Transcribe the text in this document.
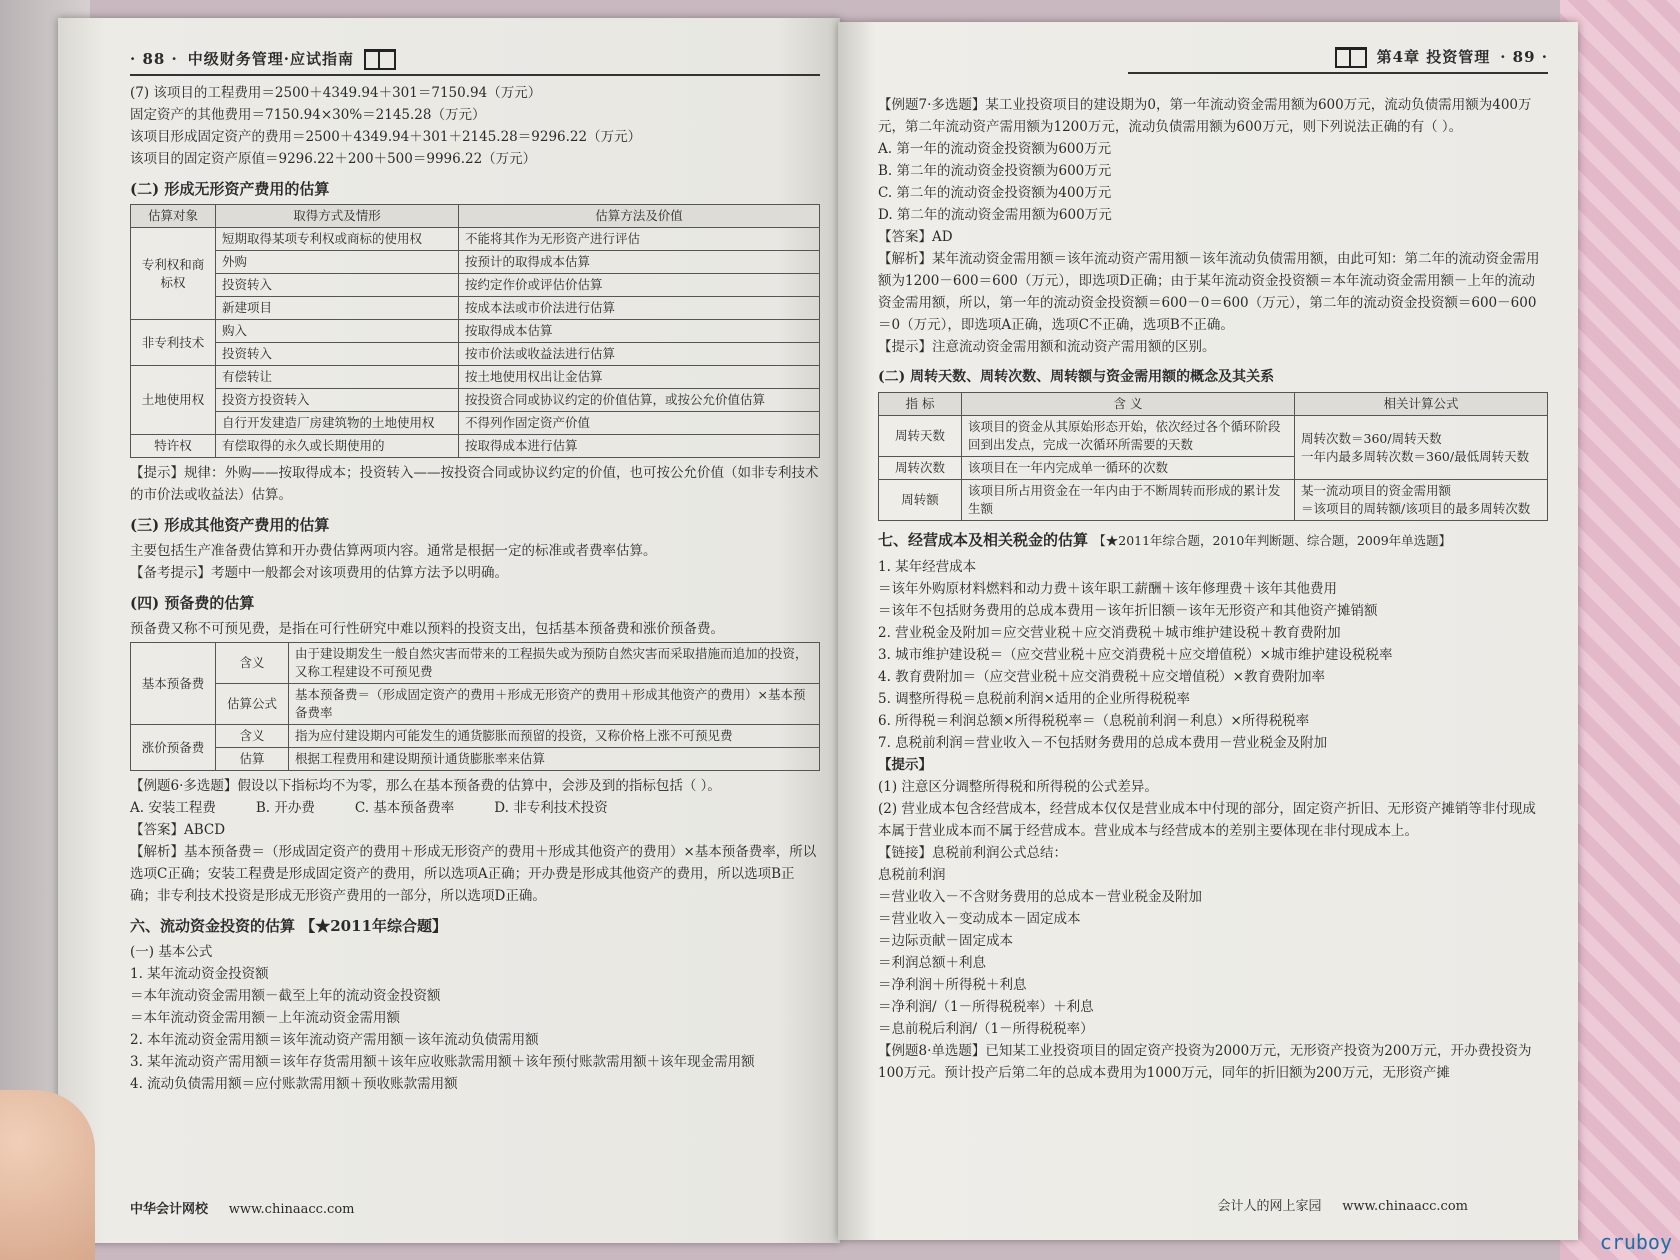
· 88 · 中级财务管理·应试指南

(7) 该项目的工程费用＝2500＋4349.94＋301＝7150.94（万元）

固定资产的其他费用＝7150.94×30%＝2145.28（万元）

该项目形成固定资产的费用＝2500＋4349.94＋301＋2145.28＝9296.22（万元）

该项目的固定资产原值＝9296.22＋200＋500＝9996.22（万元）

(二) 形成无形资产费用的估算
估算对象	取得方式及情形	估算方法及价值
专利权和商标权	短期取得某项专利权或商标的使用权	不能将其作为无形资产进行评估
	外购	按预计的取得成本估算
	投资转入	按约定作价或评估价估算
	新建项目	按成本法或市价法进行估算
非专利技术	购入	按取得成本估算
	投资转入	按市价法或收益法进行估算
土地使用权	有偿转让	按土地使用权出让金估算
	投资方投资转入	按投资合同或协议约定的价值估算，或按公允价值估算
	自行开发建造厂房建筑物的土地使用权	不得列作固定资产价值
特许权	有偿取得的永久或长期使用的	按取得成本进行估算

【提示】规律：外购——按取得成本；投资转入——按投资合同或协议约定的价值，也可按公允价值（如非专利技术的市价法或收益法）估算。

(三) 形成其他资产费用的估算

主要包括生产准备费估算和开办费估算两项内容。通常是根据一定的标准或者费率估算。

【备考提示】考题中一般都会对该项费用的估算方法予以明确。

(四) 预备费的估算

预备费又称不可预见费，是指在可行性研究中难以预料的投资支出，包括基本预备费和涨价预备费。

基本预备费	含义	由于建设期发生一般自然灾害而带来的工程损失或为预防自然灾害而采取措施而追加的投资，又称工程建设不可预见费
	估算公式	基本预备费＝（形成固定资产的费用＋形成无形资产的费用＋形成其他资产的费用）×基本预备费率
涨价预备费	含义	指为应付建设期内可能发生的通货膨胀而预留的投资，又称价格上涨不可预见费
	估算	根据工程费用和建设期预计通货膨胀率来估算

【例题6·多选题】假设以下指标均不为零，那么在基本预备费的估算中，会涉及到的指标包括（ ）。

A. 安装工程费	B. 开办费	C. 基本预备费率	D. 非专利技术投资

【答案】ABCD

【解析】基本预备费＝（形成固定资产的费用＋形成无形资产的费用＋形成其他资产的费用）×基本预备费率，所以选项C正确；安装工程费是形成固定资产的费用，所以选项A正确；开办费是形成其他资产的费用，所以选项B正确；非专利技术投资是形成无形资产费用的一部分，所以选项D正确。

六、流动资金投资的估算 【★2011年综合题】

(一) 基本公式

1. 某年流动资金投资额

＝本年流动资金需用额－截至上年的流动资金投资额

＝本年流动资金需用额－上年流动资金需用额

2. 本年流动资金需用额＝该年流动资产需用额－该年流动负债需用额

3. 某年流动资产需用额＝该年存货需用额＋该年应收账款需用额＋该年预付账款需用额＋该年现金需用额

4. 流动负债需用额＝应付账款需用额＋预收账款需用额

中华会计网校 www.chinaacc.com
第4章 投资管理 · 89 ·

【例题7·多选题】某工业投资项目的建设期为0，第一年流动资金需用额为600万元，流动负债需用额为400万元，第二年流动资产需用额为1200万元，流动负债需用额为600万元，则下列说法正确的有（ ）。

A. 第一年的流动资金投资额为600万元

B. 第二年的流动资金投资额为600万元

C. 第二年的流动资金投资额为400万元

D. 第二年的流动资金需用额为600万元

【答案】AD

【解析】某年流动资金需用额＝该年流动资产需用额－该年流动负债需用额，由此可知：第二年的流动资金需用额为1200－600＝600（万元），即选项D正确；由于某年流动资金投资额＝本年流动资金需用额－上年的流动资金需用额，所以，第一年的流动资金投资额＝600－0＝600（万元），第二年的流动资金投资额＝600－600＝0（万元），即选项A正确，选项C不正确，选项B不正确。

【提示】注意流动资金需用额和流动资产需用额的区别。

(二) 周转天数、周转次数、周转额与资金需用额的概念及其关系
指 标	含 义	相关计算公式
周转天数	该项目的资金从其原始形态开始，依次经过各个循环阶段回到出发点，完成一次循环所需要的天数	周转次数＝360/周转天数
一年内最多周转次数＝360/最低周转天数
周转次数	该项目在一年内完成单一循环的次数	
周转额	该项目所占用资金在一年内由于不断周转而形成的累计发生额	某一流动项目的资金需用额
＝该项目的周转额/该项目的最多周转次数
七、经营成本及相关税金的估算 【★2011年综合题，2010年判断题、综合题，2009年单选题】

1. 某年经营成本

＝该年外购原材料燃料和动力费＋该年职工薪酬＋该年修理费＋该年其他费用

＝该年不包括财务费用的总成本费用－该年折旧额－该年无形资产和其他资产摊销额

2. 营业税金及附加＝应交营业税＋应交消费税＋城市维护建设税＋教育费附加

3. 城市维护建设税＝（应交营业税＋应交消费税＋应交增值税）×城市维护建设税税率

4. 教育费附加＝（应交营业税＋应交消费税＋应交增值税）×教育费附加率

5. 调整所得税＝息税前利润×适用的企业所得税税率

6. 所得税＝利润总额×所得税税率＝（息税前利润－利息）×所得税税率

7. 息税前利润＝营业收入－不包括财务费用的总成本费用－营业税金及附加

【提示】

(1) 注意区分调整所得税和所得税的公式差异。

(2) 营业成本包含经营成本，经营成本仅仅是营业成本中付现的部分，固定资产折旧、无形资产摊销等非付现成本属于营业成本而不属于经营成本。营业成本与经营成本的差别主要体现在非付现成本上。

【链接】息税前利润公式总结：

息税前利润

＝营业收入－不含财务费用的总成本－营业税金及附加

＝营业收入－变动成本－固定成本

＝边际贡献－固定成本

＝利润总额＋利息

＝净利润＋所得税＋利息

＝净利润/（1－所得税税率）＋利息

＝息前税后利润/（1－所得税税率）

【例题8·单选题】已知某工业投资项目的固定资产投资为2000万元，无形资产投资为200万元，开办费投资为100万元。预计投产后第二年的总成本费用为1000万元，同年的折旧额为200万元，无形资产摊

会计人的网上家园 www.chinaacc.com
cruboy
